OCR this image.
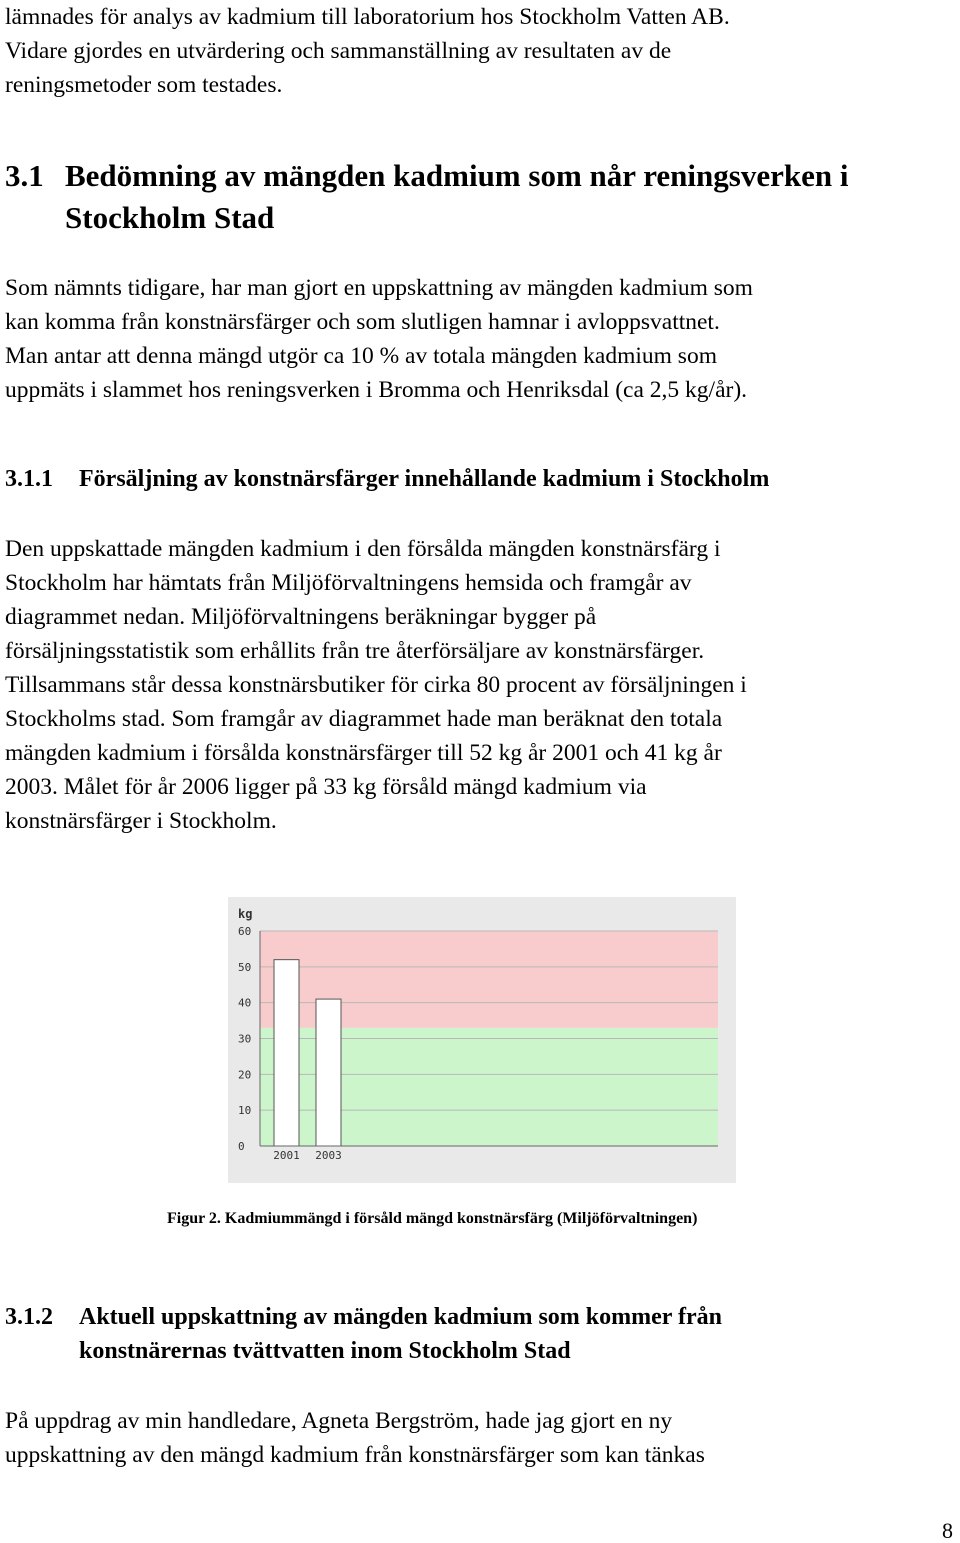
lämnades för analys av kadmium till laboratorium hos Stockholm Vatten AB.
Vidare gjordes en utvärdering och sammanställning av resultaten av de
reningsmetoder som testades.
3.1 Bedömning av mängden kadmium som når reningsverken i
Stockholm Stad
Som nämnts tidigare, har man gjort en uppskattning av mängden kadmium som
kan komma från konstnärsfärger och som slutligen hamnar i avloppsvattnet.
Man antar att denna mängd utgör ca 10 % av totala mängden kadmium som
uppmäts i slammet hos reningsverken i Bromma och Henriksdal (ca 2,5 kg/år).
3.1.1 Försäljning av konstnärsfärger innehållande kadmium i Stockholm
Den uppskattade mängden kadmium i den försålda mängden konstnärsfärg i
Stockholm har hämtats från Miljöförvaltningens hemsida och framgår av
diagrammet nedan. Miljöförvaltningens beräkningar bygger på
försäljningsstatistik som erhållits från tre återförsäljare av konstnärsfärger.
Tillsammans står dessa konstnärsbutiker för cirka 80 procent av försäljningen i
Stockholms stad. Som framgår av diagrammet hade man beräknat den totala
mängden kadmium i försålda konstnärsfärger till 52 kg år 2001 och 41 kg år
2003. Målet för år 2006 ligger på 33 kg försåld mängd kadmium via
konstnärsfärger i Stockholm.
0
10
20
30
40
50
60
kg
2001 2003
Figur 2. Kadmiummängd i försåld mängd konstnärsfärg (Miljöförvaltningen)
3.1.2 Aktuell uppskattning av mängden kadmium som kommer från
konstnärernas tvättvatten inom Stockholm Stad
På uppdrag av min handledare, Agneta Bergström, hade jag gjort en ny
uppskattning av den mängd kadmium från konstnärsfärger som kan tänkas
8
